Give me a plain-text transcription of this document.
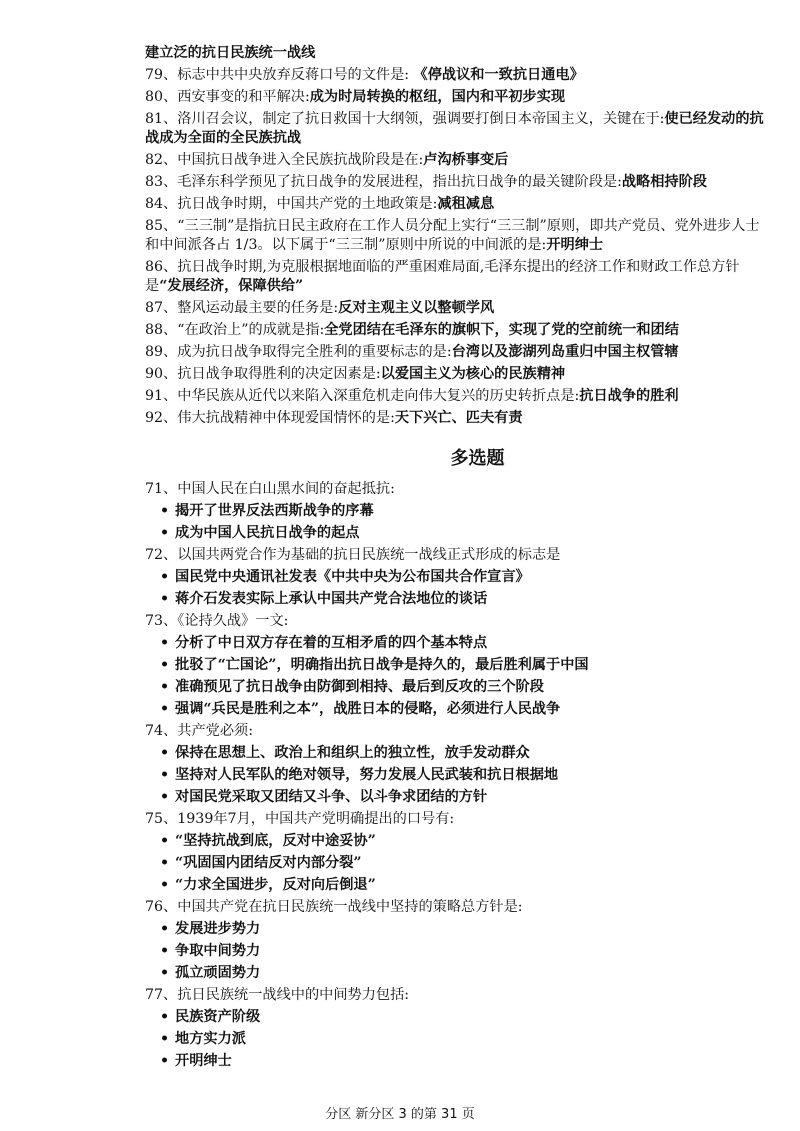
建立泛的抗日民族统一战线
79、标志中共中央放弃反蒋口号的文件是: 《停战议和一致抗日通电》
80、西安事变的和平解决:成为时局转换的枢纽，国内和平初步实现
81、洛川召会议，制定了抗日救国十大纲领，强调要打倒日本帝国主义，关键在于:使已经发动的抗战成为全面的全民族抗战
82、中国抗日战争进入全民族抗战阶段是在:卢沟桥事变后
83、毛泽东科学预见了抗日战争的发展进程，指出抗日战争的最关键阶段是:战略相持阶段
84、抗日战争时期，中国共产党的土地政策是:减租减息
85、“三三制”是指抗日民主政府在工作人员分配上实行“三三制”原则，即共产党员、党外进步人士和中间派各占 1/3。以下属于“三三制”原则中所说的中间派的是:开明绅士
86、抗日战争时期,为克服根据地面临的严重困难局面,毛泽东提出的经济工作和财政工作总方针是“发展经济，保障供给”
87、整风运动最主要的任务是:反对主观主义以整顿学风
88、“在政治上”的成就是指:全党团结在毛泽东的旗帜下，实现了党的空前统一和团结
89、成为抗日战争取得完全胜利的重要标志的是:台湾以及澎湖列岛重归中国主权管辖
90、抗日战争取得胜利的决定因素是:以爱国主义为核心的民族精神
91、中华民族从近代以来陷入深重危机走向伟大复兴的历史转折点是:抗日战争的胜利
92、伟大抗战精神中体现爱国情怀的是:天下兴亡、匹夫有责
多选题
71、中国人民在白山黑水间的奋起抵抗:
• 揭开了世界反法西斯战争的序幕
• 成为中国人民抗日战争的起点
72、以国共两党合作为基础的抗日民族统一战线正式形成的标志是
• 国民党中央通讯社发表《中共中央为公布国共合作宣言》
• 蒋介石发表实际上承认中国共产党合法地位的谈话
73、《论持久战》一文:
• 分析了中日双方存在着的互相矛盾的四个基本特点
• 批驳了“亡国论”，明确指出抗日战争是持久的，最后胜利属于中国
• 准确预见了抗日战争由防御到相持、最后到反攻的三个阶段
• 强调“兵民是胜利之本”，战胜日本的侵略，必须进行人民战争
74、共产党必须:
• 保持在思想上、政治上和组织上的独立性，放手发动群众
• 坚持对人民军队的绝对领导，努力发展人民武装和抗日根据地
• 对国民党采取又团结又斗争、以斗争求团结的方针
75、1939年7月，中国共产党明确提出的口号有:
• “坚持抗战到底，反对中途妥协”
• “巩固国内团结反对内部分裂”
• “力求全国进步，反对向后倒退”
76、中国共产党在抗日民族统一战线中坚持的策略总方针是:
• 发展进步势力
• 争取中间势力
• 孤立顽固势力
77、抗日民族统一战线中的中间势力包括:
• 民族资产阶级
• 地方实力派
• 开明绅士
分区 新分区 3 的第 31 页
